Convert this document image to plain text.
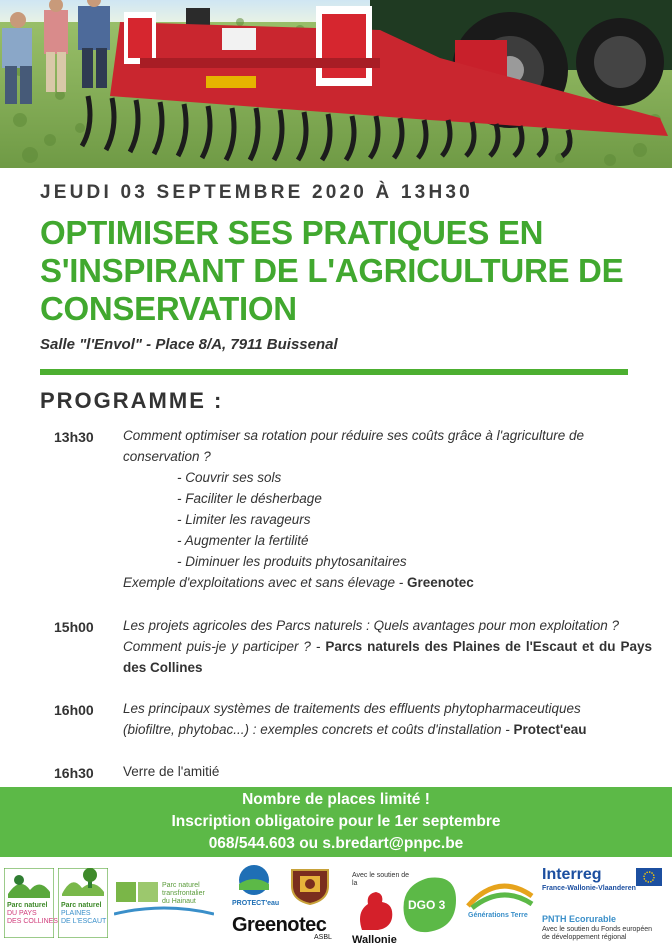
JEUDI 03 SEPTEMBRE 2020 À 13H30
OPTIMISER SES PRATIQUES EN
S'INSPIRANT DE L'AGRICULTURE DE
CONSERVATION
Salle "l'Envol" - Place 8/A, 7911 Buissenal
PROGRAMME :
13h30 Comment optimiser sa rotation pour réduire ses coûts grâce à l'agriculture de
conservation ?
- Couvrir ses sols
- Faciliter le désherbage
- Limiter les ravageurs
- Augmenter la fertilité
- Diminuer les produits phytosanitaires
Exemple d'exploitations avec et sans élevage - Greenotec
15h00 Les projets agricoles des Parcs naturels : Quels avantages pour mon exploitation ?
Comment puis-je y participer ? - Parcs naturels des Plaines de l'Escaut et du Pays des Collines
16h00 Les principaux systèmes de traitements des effluents phytopharmaceutiques
(biofiltre, phytobac...) : exemples concrets et coûts d'installation - Protect'eau
16h30 Verre de l'amitié
Nombre de places limité !
Inscription obligatoire pour le 1er septembre
068/544.603 ou s.bredart@pnpc.be
Parc naturel
DU PAYS
DES COLLINES
Parc naturel
PLAINES
DE L'ESCAUT
Parc naturel
transfrontalier
du Hainaut	PROTECT'eau
Greenotec
ASBL
Avec le soutien de
la
Wallonie
DGO 3
Générations Terre
Interreg
France-Wallonie-Vlaanderen
PNTH Ecorurable
Avec le soutien du Fonds européen
de développement régional
